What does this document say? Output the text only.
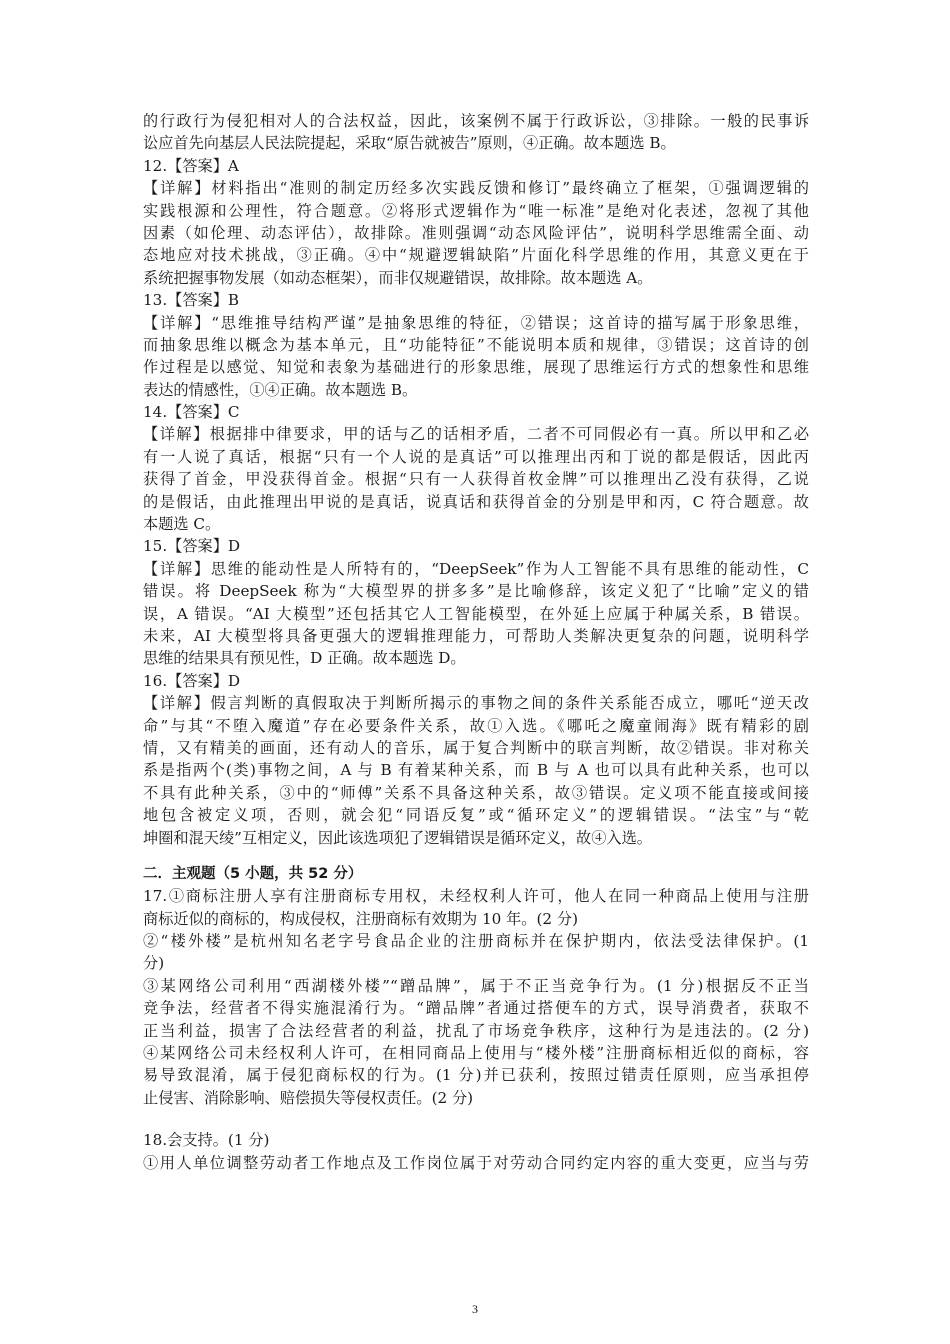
的行政行为侵犯相对人的合法权益，因此，该案例不属于行政诉讼，③排除。一般的民事诉
讼应首先向基层人民法院提起，采取“原告就被告”原则，④正确。故本题选 B。
12.【答案】A
【详解】材料指出“准则的制定历经多次实践反馈和修订”最终确立了框架，①强调逻辑的
实践根源和公理性，符合题意。②将形式逻辑作为“唯一标准”是绝对化表述，忽视了其他
因素（如伦理、动态评估），故排除。准则强调“动态风险评估”，说明科学思维需全面、动
态地应对技术挑战，③正确。④中“规避逻辑缺陷”片面化科学思维的作用，其意义更在于
系统把握事物发展（如动态框架），而非仅规避错误，故排除。故本题选 A。
13.【答案】B
【详解】“思维推导结构严谨”是抽象思维的特征，②错误；这首诗的描写属于形象思维，
而抽象思维以概念为基本单元，且“功能特征”不能说明本质和规律，③错误；这首诗的创
作过程是以感觉、知觉和表象为基础进行的形象思维，展现了思维运行方式的想象性和思维
表达的情感性，①④正确。故本题选 B。
14.【答案】C
【详解】根据排中律要求，甲的话与乙的话相矛盾，二者不可同假必有一真。所以甲和乙必
有一人说了真话，根据“只有一个人说的是真话”可以推理出丙和丁说的都是假话，因此丙
获得了首金，甲没获得首金。根据“只有一人获得首枚金牌”可以推理出乙没有获得，乙说
的是假话，由此推理出甲说的是真话，说真话和获得首金的分别是甲和丙，C 符合题意。故
本题选 C。
15.【答案】D
【详解】思维的能动性是人所特有的，“DeepSeek”作为人工智能不具有思维的能动性，C
错误。将 DeepSeek 称为“大模型界的拼多多”是比喻修辞，该定义犯了“比喻”定义的错
误，A 错误。“AI 大模型”还包括其它人工智能模型，在外延上应属于种属关系，B 错误。
未来，AI 大模型将具备更强大的逻辑推理能力，可帮助人类解决更复杂的问题，说明科学
思维的结果具有预见性，D 正确。故本题选 D。
16.【答案】D
【详解】假言判断的真假取决于判断所揭示的事物之间的条件关系能否成立，哪吒“逆天改
命”与其“不堕入魔道”存在必要条件关系，故①入选。《哪吒之魔童闹海》既有精彩的剧
情，又有精美的画面，还有动人的音乐，属于复合判断中的联言判断，故②错误。非对称关
系是指两个(类)事物之间，A 与 B 有着某种关系，而 B 与 A 也可以具有此种关系，也可以
不具有此种关系，③中的“师傅”关系不具备这种关系，故③错误。定义项不能直接或间接
地包含被定义项，否则，就会犯“同语反复”或“循环定义”的逻辑错误。“法宝”与“乾
坤圈和混天绫”互相定义，因此该选项犯了逻辑错误是循环定义，故④入选。
二．主观题（5 小题，共 52 分）
17.①商标注册人享有注册商标专用权，未经权利人许可，他人在同一种商品上使用与注册
商标近似的商标的，构成侵权，注册商标有效期为 10 年。(2 分)
②“楼外楼”是杭州知名老字号食品企业的注册商标并在保护期内，依法受法律保护。(1
分)
③某网络公司利用“西湖楼外楼”“蹭品牌”，属于不正当竞争行为。(1 分)根据反不正当
竞争法，经营者不得实施混淆行为。“蹭品牌”者通过搭便车的方式，误导消费者，获取不
正当利益，损害了合法经营者的利益，扰乱了市场竞争秩序，这种行为是违法的。(2 分)
④某网络公司未经权利人许可，在相同商品上使用与“楼外楼”注册商标相近似的商标，容
易导致混淆，属于侵犯商标权的行为。(1 分)并已获利，按照过错责任原则，应当承担停
止侵害、消除影响、赔偿损失等侵权责任。(2 分)
18.会支持。(1 分)
①用人单位调整劳动者工作地点及工作岗位属于对劳动合同约定内容的重大变更，应当与劳
3
